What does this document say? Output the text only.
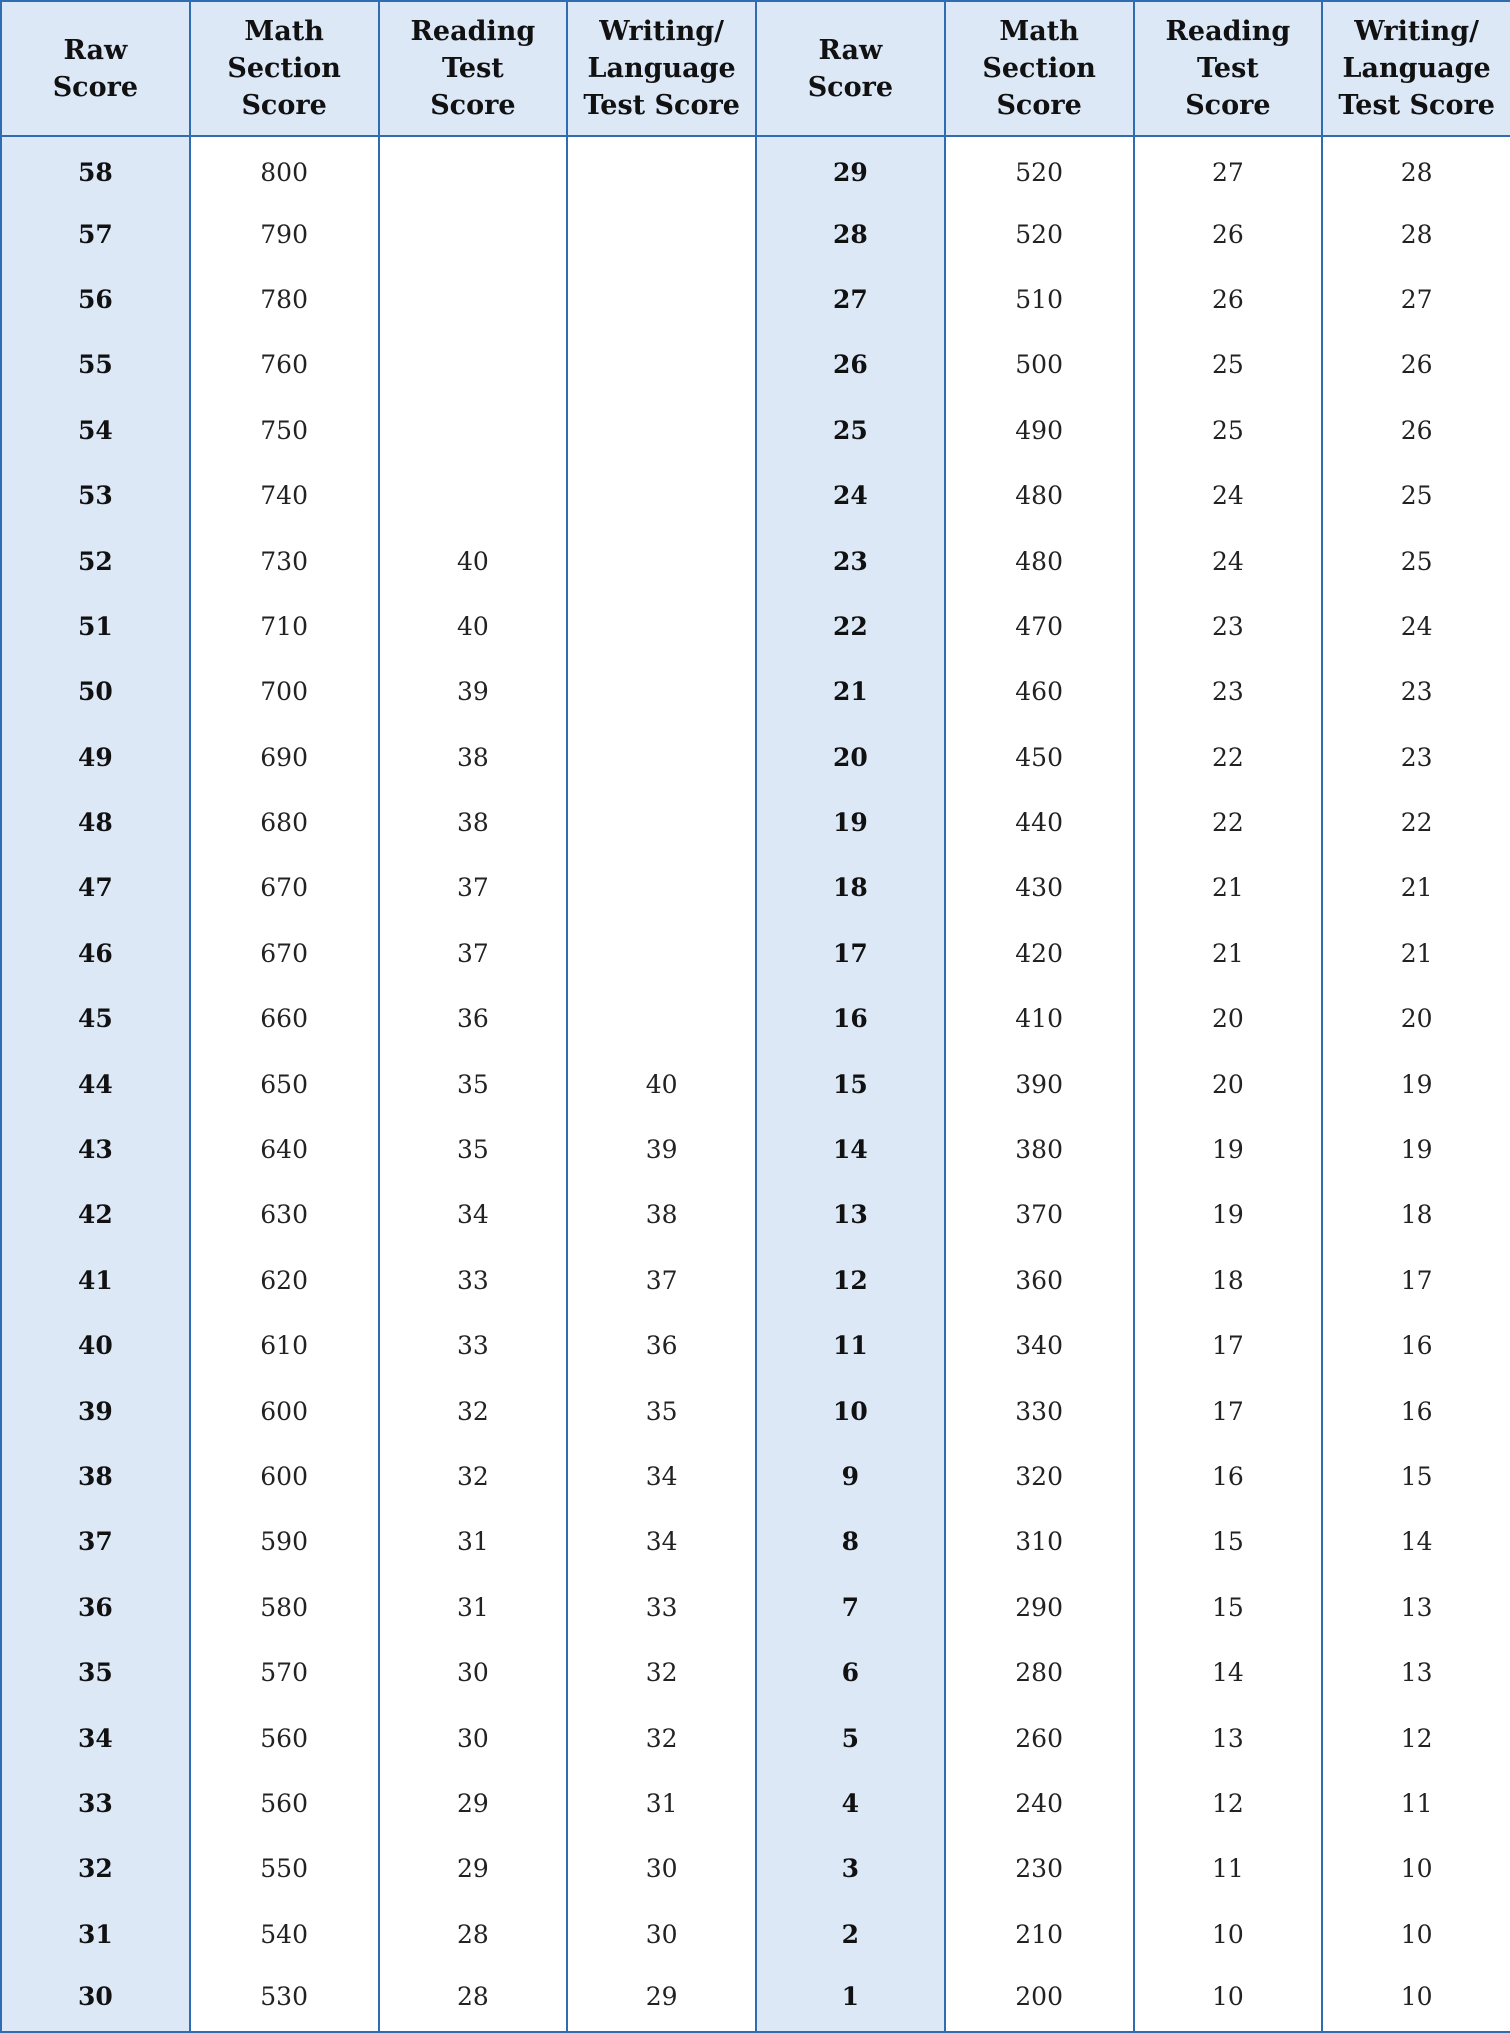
Raw
Score	Math
Section
Score	Reading
Test
Score	Writing/
Language
Test Score	Raw
Score	Math
Section
Score	Reading
Test
Score	Writing/
Language
Test Score

58	800			29	520	27	28
57	790			28	520	26	28
56	780			27	510	26	27
55	760			26	500	25	26
54	750			25	490	25	26
53	740			24	480	24	25
52	730	40		23	480	24	25
51	710	40		22	470	23	24
50	700	39		21	460	23	23
49	690	38		20	450	22	23
48	680	38		19	440	22	22
47	670	37		18	430	21	21
46	670	37		17	420	21	21
45	660	36		16	410	20	20
44	650	35	40	15	390	20	19
43	640	35	39	14	380	19	19
42	630	34	38	13	370	19	18
41	620	33	37	12	360	18	17
40	610	33	36	11	340	17	16
39	600	32	35	10	330	17	16
38	600	32	34	9	320	16	15
37	590	31	34	8	310	15	14
36	580	31	33	7	290	15	13
35	570	30	32	6	280	14	13
34	560	30	32	5	260	13	12
33	560	29	31	4	240	12	11
32	550	29	30	3	230	11	10
31	540	28	30	2	210	10	10
30	530	28	29	1	200	10	10
